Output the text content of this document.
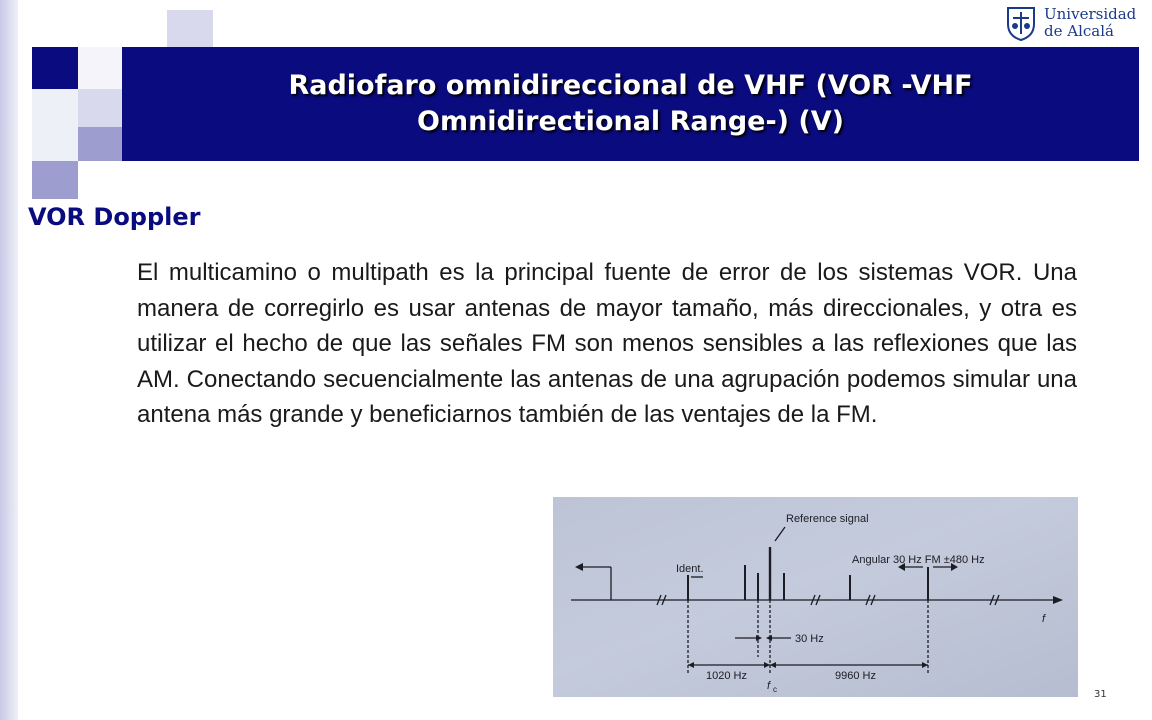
Radiofaro omnidireccional de VHF (VOR -VHF Omnidirectional Range-) (V)
Universidad
de Alcalá
VOR Doppler

El multicamino o multipath es la principal fuente de error de los sistemas VOR. Una manera de corregirlo es usar antenas de mayor tamaño, más direccionales, y otra es utilizar el hecho de que las señales FM son menos sensibles a las reflexiones que las AM. Conectando secuencialmente las antenas de una agrupación podemos simular una antena más grande y beneficiarnos también de las ventajes de la FM.

Reference signal
Ident.
Angular 30 Hz FM ±480 Hz
f
30 Hz
1020 Hz
f c
9960 Hz

31
